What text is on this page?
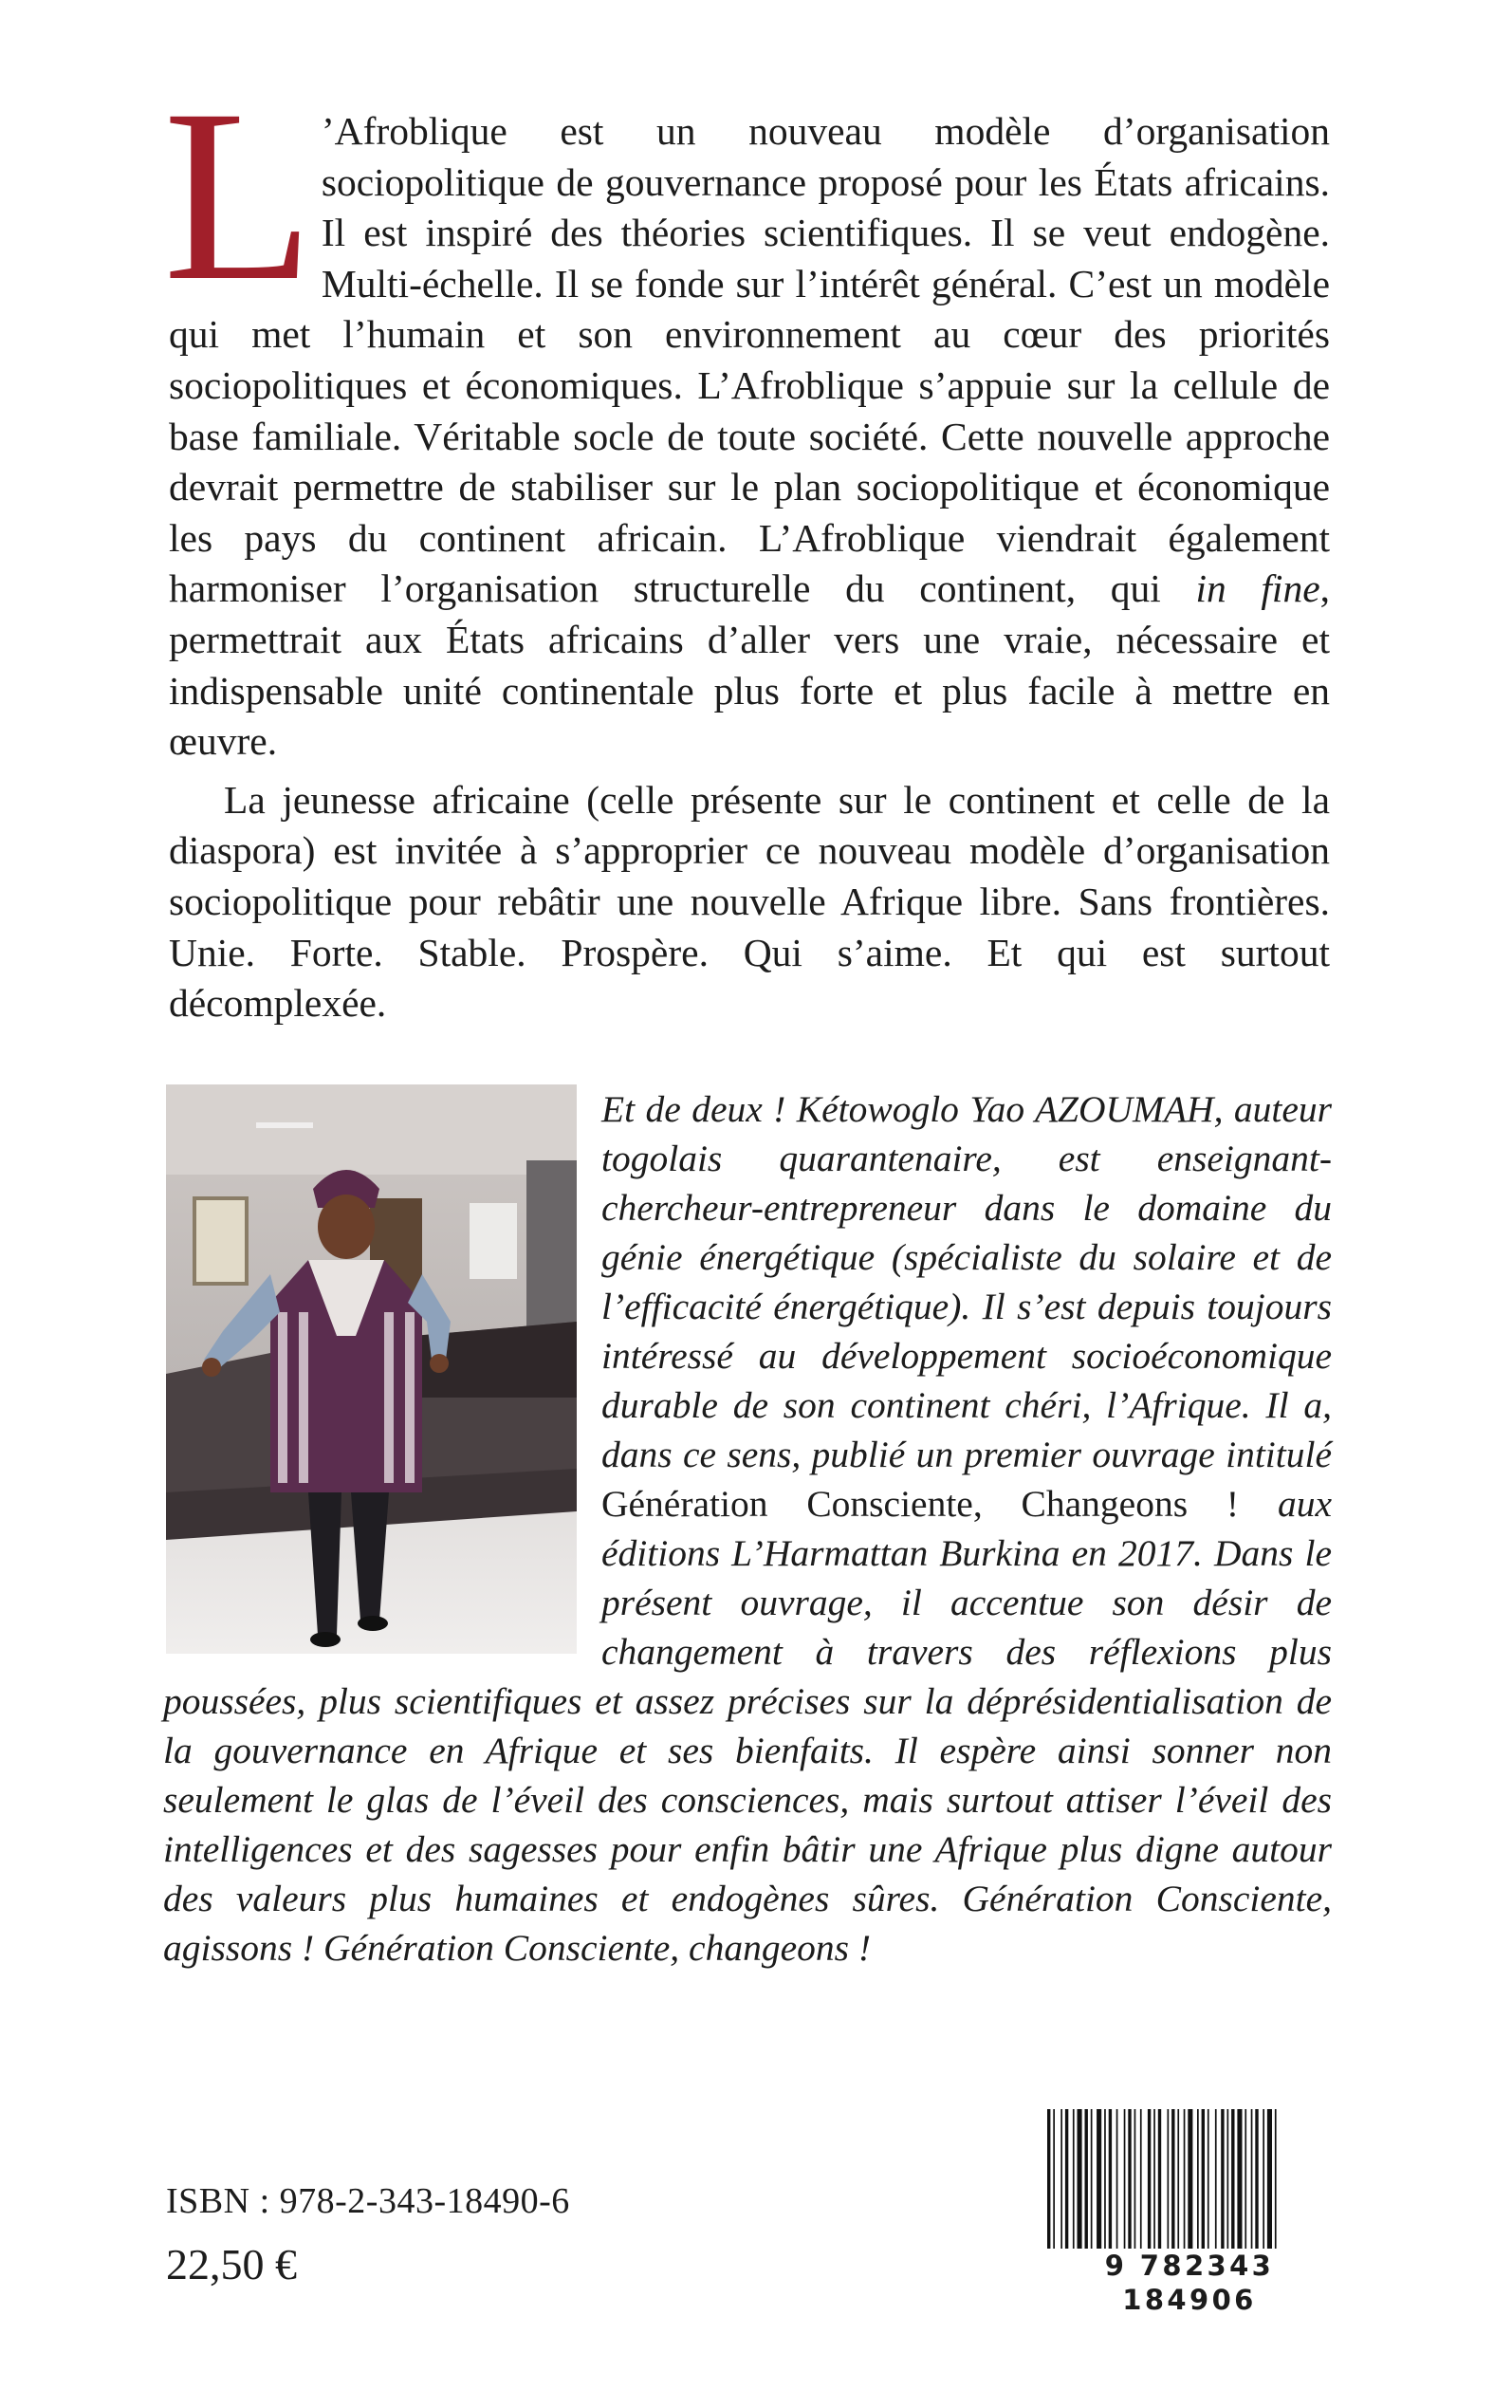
L ’Afroblique est un nouveau modèle d’organisation sociopolitique de gouvernance proposé pour les États africains. Il est inspiré des théories scientifiques. Il se veut endogène. Multi-échelle. Il se fonde sur l’intérêt général. C’est un modèle qui met l’humain et son environnement au cœur des priorités sociopolitiques et économiques. L’Afroblique s’appuie sur la cellule de base familiale. Véritable socle de toute société. Cette nouvelle approche devrait permettre de stabiliser sur le plan sociopolitique et économique les pays du continent africain. L’Afroblique viendrait également harmoniser l’organisation structurelle du continent, qui in fine, permettrait aux États africains d’aller vers une vraie, nécessaire et indispensable unité continentale plus forte et plus facile à mettre en œuvre.

La jeunesse africaine (celle présente sur le continent et celle de la diaspora) est invitée à s’approprier ce nouveau modèle d’organisation sociopolitique pour rebâtir une nouvelle Afrique libre. Sans frontières. Unie. Forte. Stable. Prospère. Qui s’aime. Et qui est surtout décomplexée.

Et de deux ! Kétowoglo Yao AZOUMAH, auteur togolais quarantenaire, est enseignant-chercheur-entrepreneur dans le domaine du génie énergétique (spécialiste du solaire et de l’efficacité énergétique). Il s’est depuis toujours intéressé au développement socioéconomique durable de son continent chéri, l’Afrique. Il a, dans ce sens, publié un premier ouvrage intitulé Génération Consciente, Changeons ! aux éditions L’Harmattan Burkina en 2017. Dans le présent ouvrage, il accentue son désir de changement à travers des réflexions plus poussées, plus scientifiques et assez précises sur la déprésidentialisation de la gouvernance en Afrique et ses bienfaits. Il espère ainsi sonner non seulement le glas de l’éveil des consciences, mais surtout attiser l’éveil des intelligences et des sagesses pour enfin bâtir une Afrique plus digne autour des valeurs plus humaines et endogènes sûres. Génération Consciente, agissons ! Génération Consciente, changeons !

ISBN : 978-2-343-18490-6
22,50 €	9 782343 184906
